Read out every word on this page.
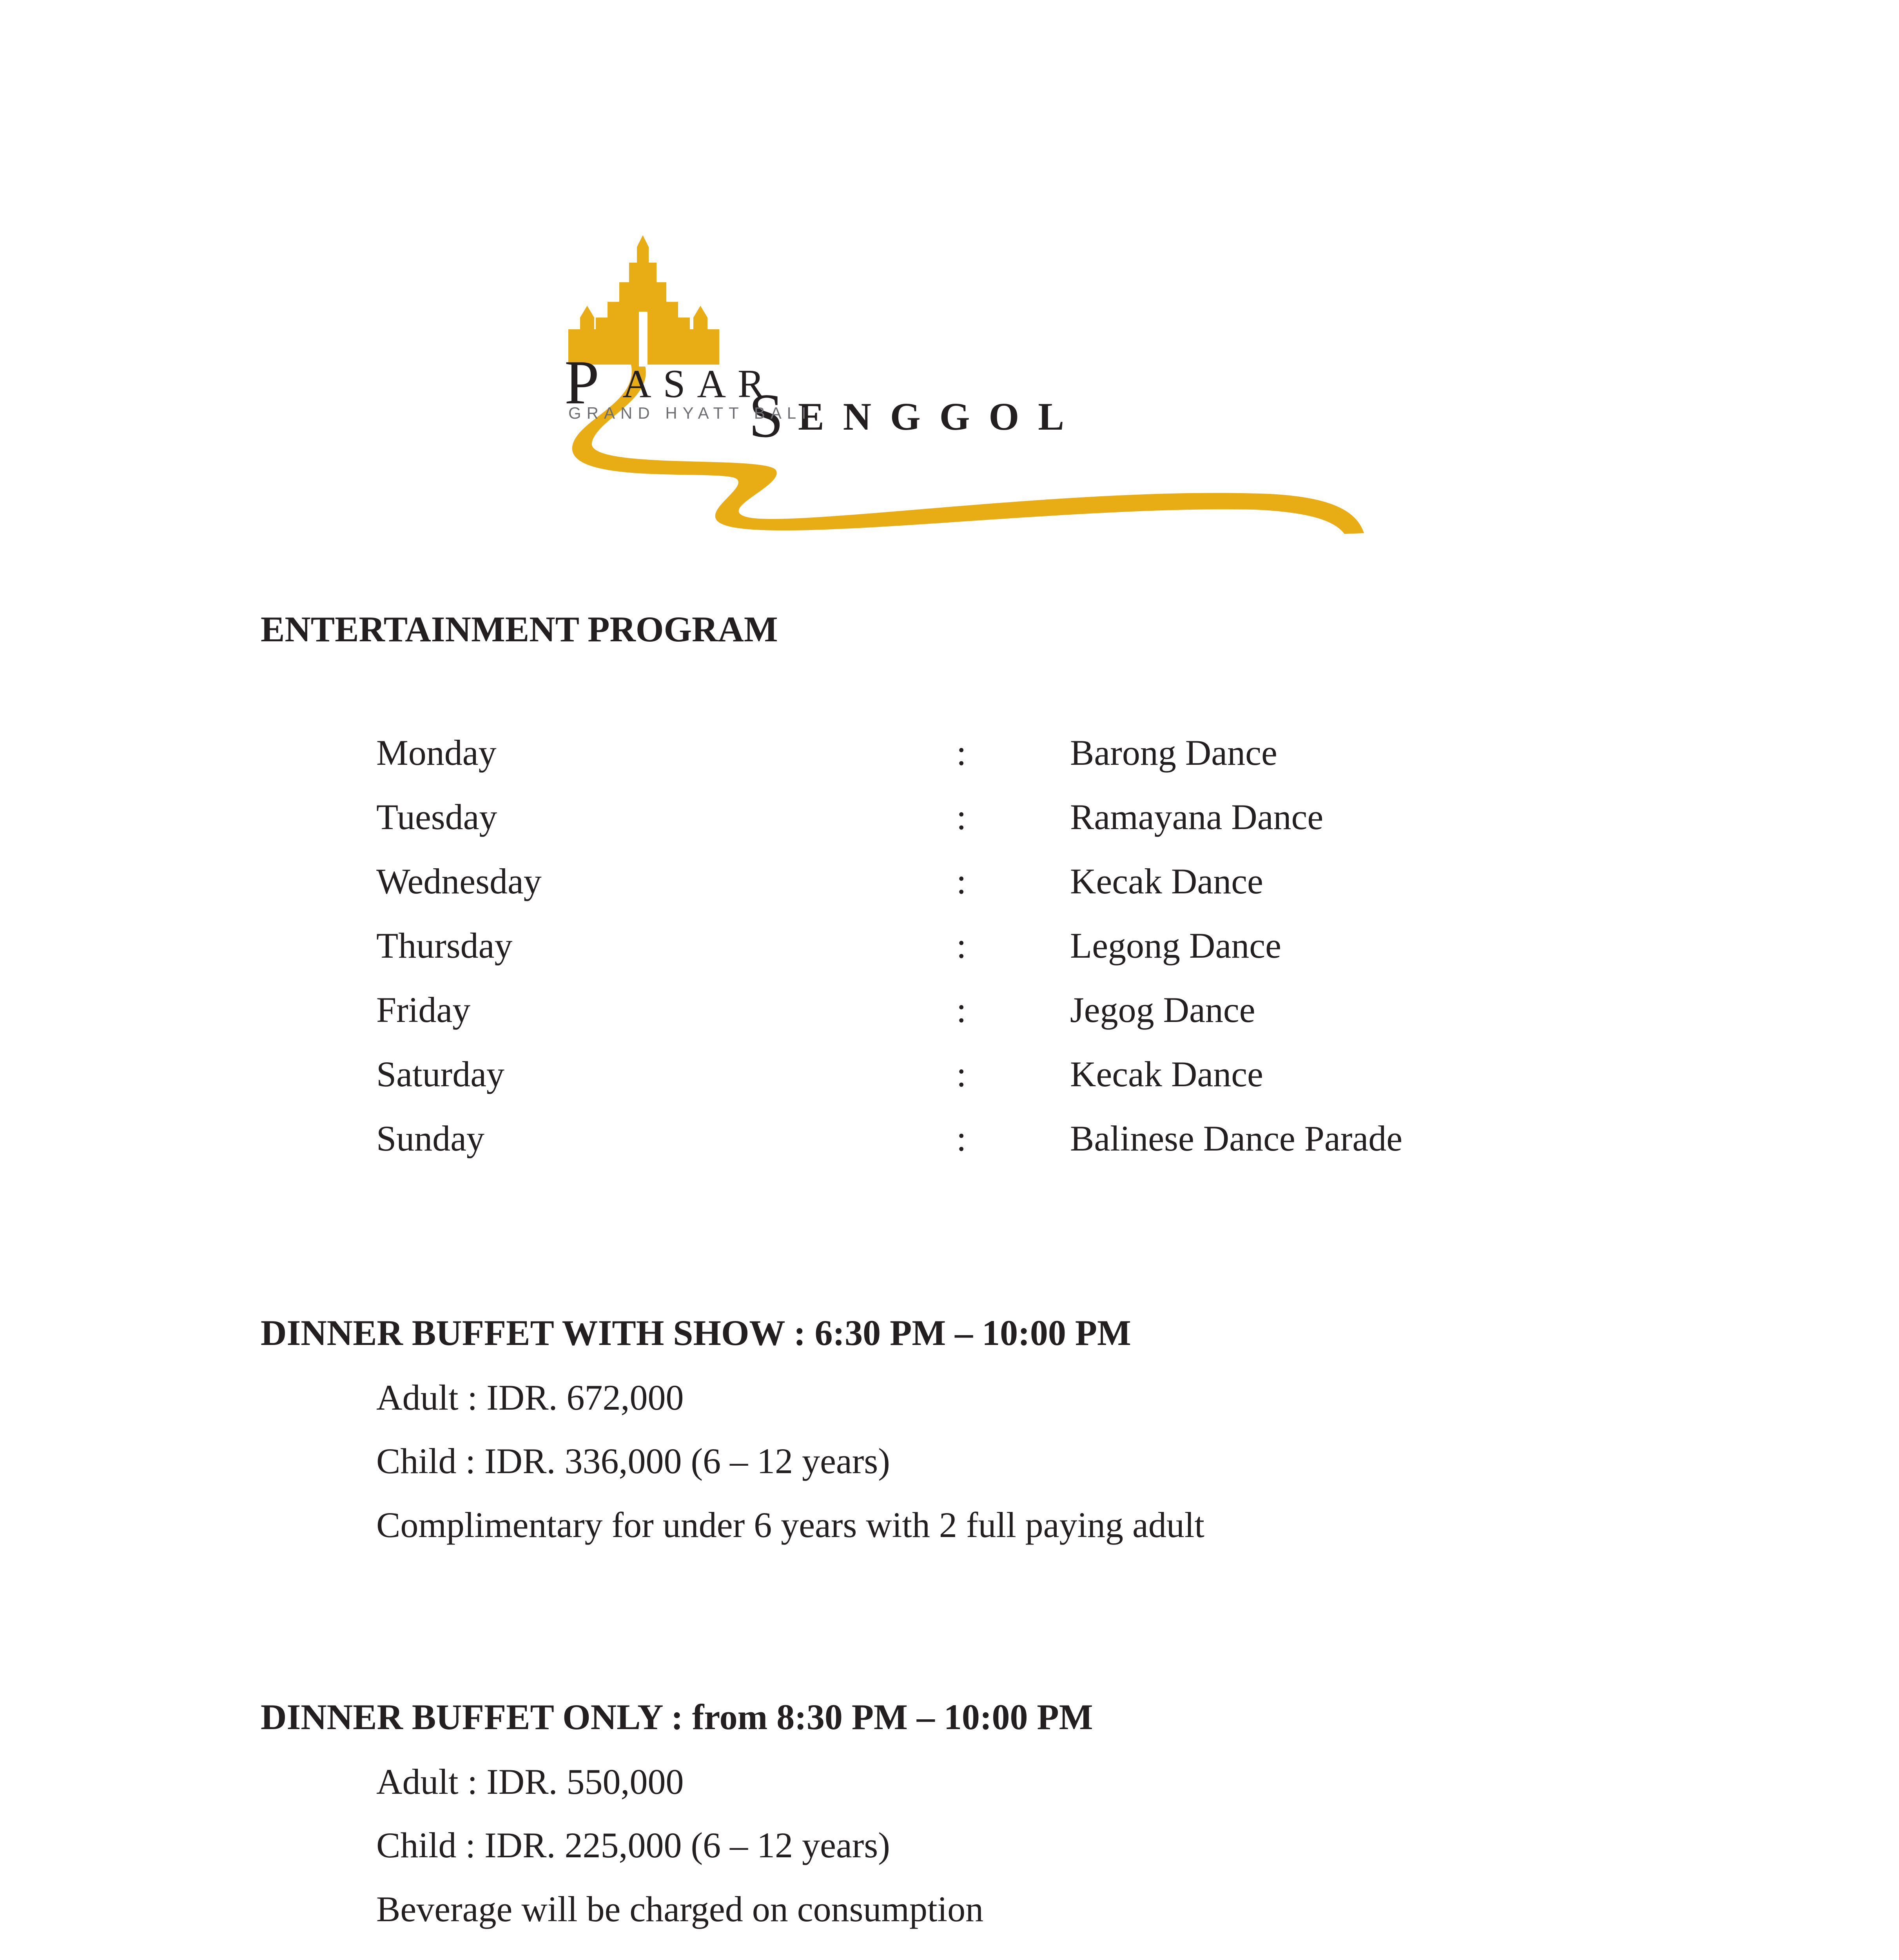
P ASAR
S ENGGOL
GRAND HYATT BALI
ENTERTAINMENT PROGRAM
Monday	:	Barong Dance
Tuesday	:	Ramayana Dance
Wednesday	:	Kecak Dance
Thursday	:	Legong Dance
Friday	:	Jegog Dance
Saturday	:	Kecak Dance
Sunday	:	Balinese Dance Parade
DINNER BUFFET WITH SHOW : 6:30 PM – 10:00 PM
Adult : IDR. 672,000
Child : IDR. 336,000 (6 – 12 years)
Complimentary for under 6 years with 2 full paying adult
DINNER BUFFET ONLY : from 8:30 PM – 10:00 PM
Adult : IDR. 550,000
Child : IDR. 225,000 (6 – 12 years)
Beverage will be charged on consumption
